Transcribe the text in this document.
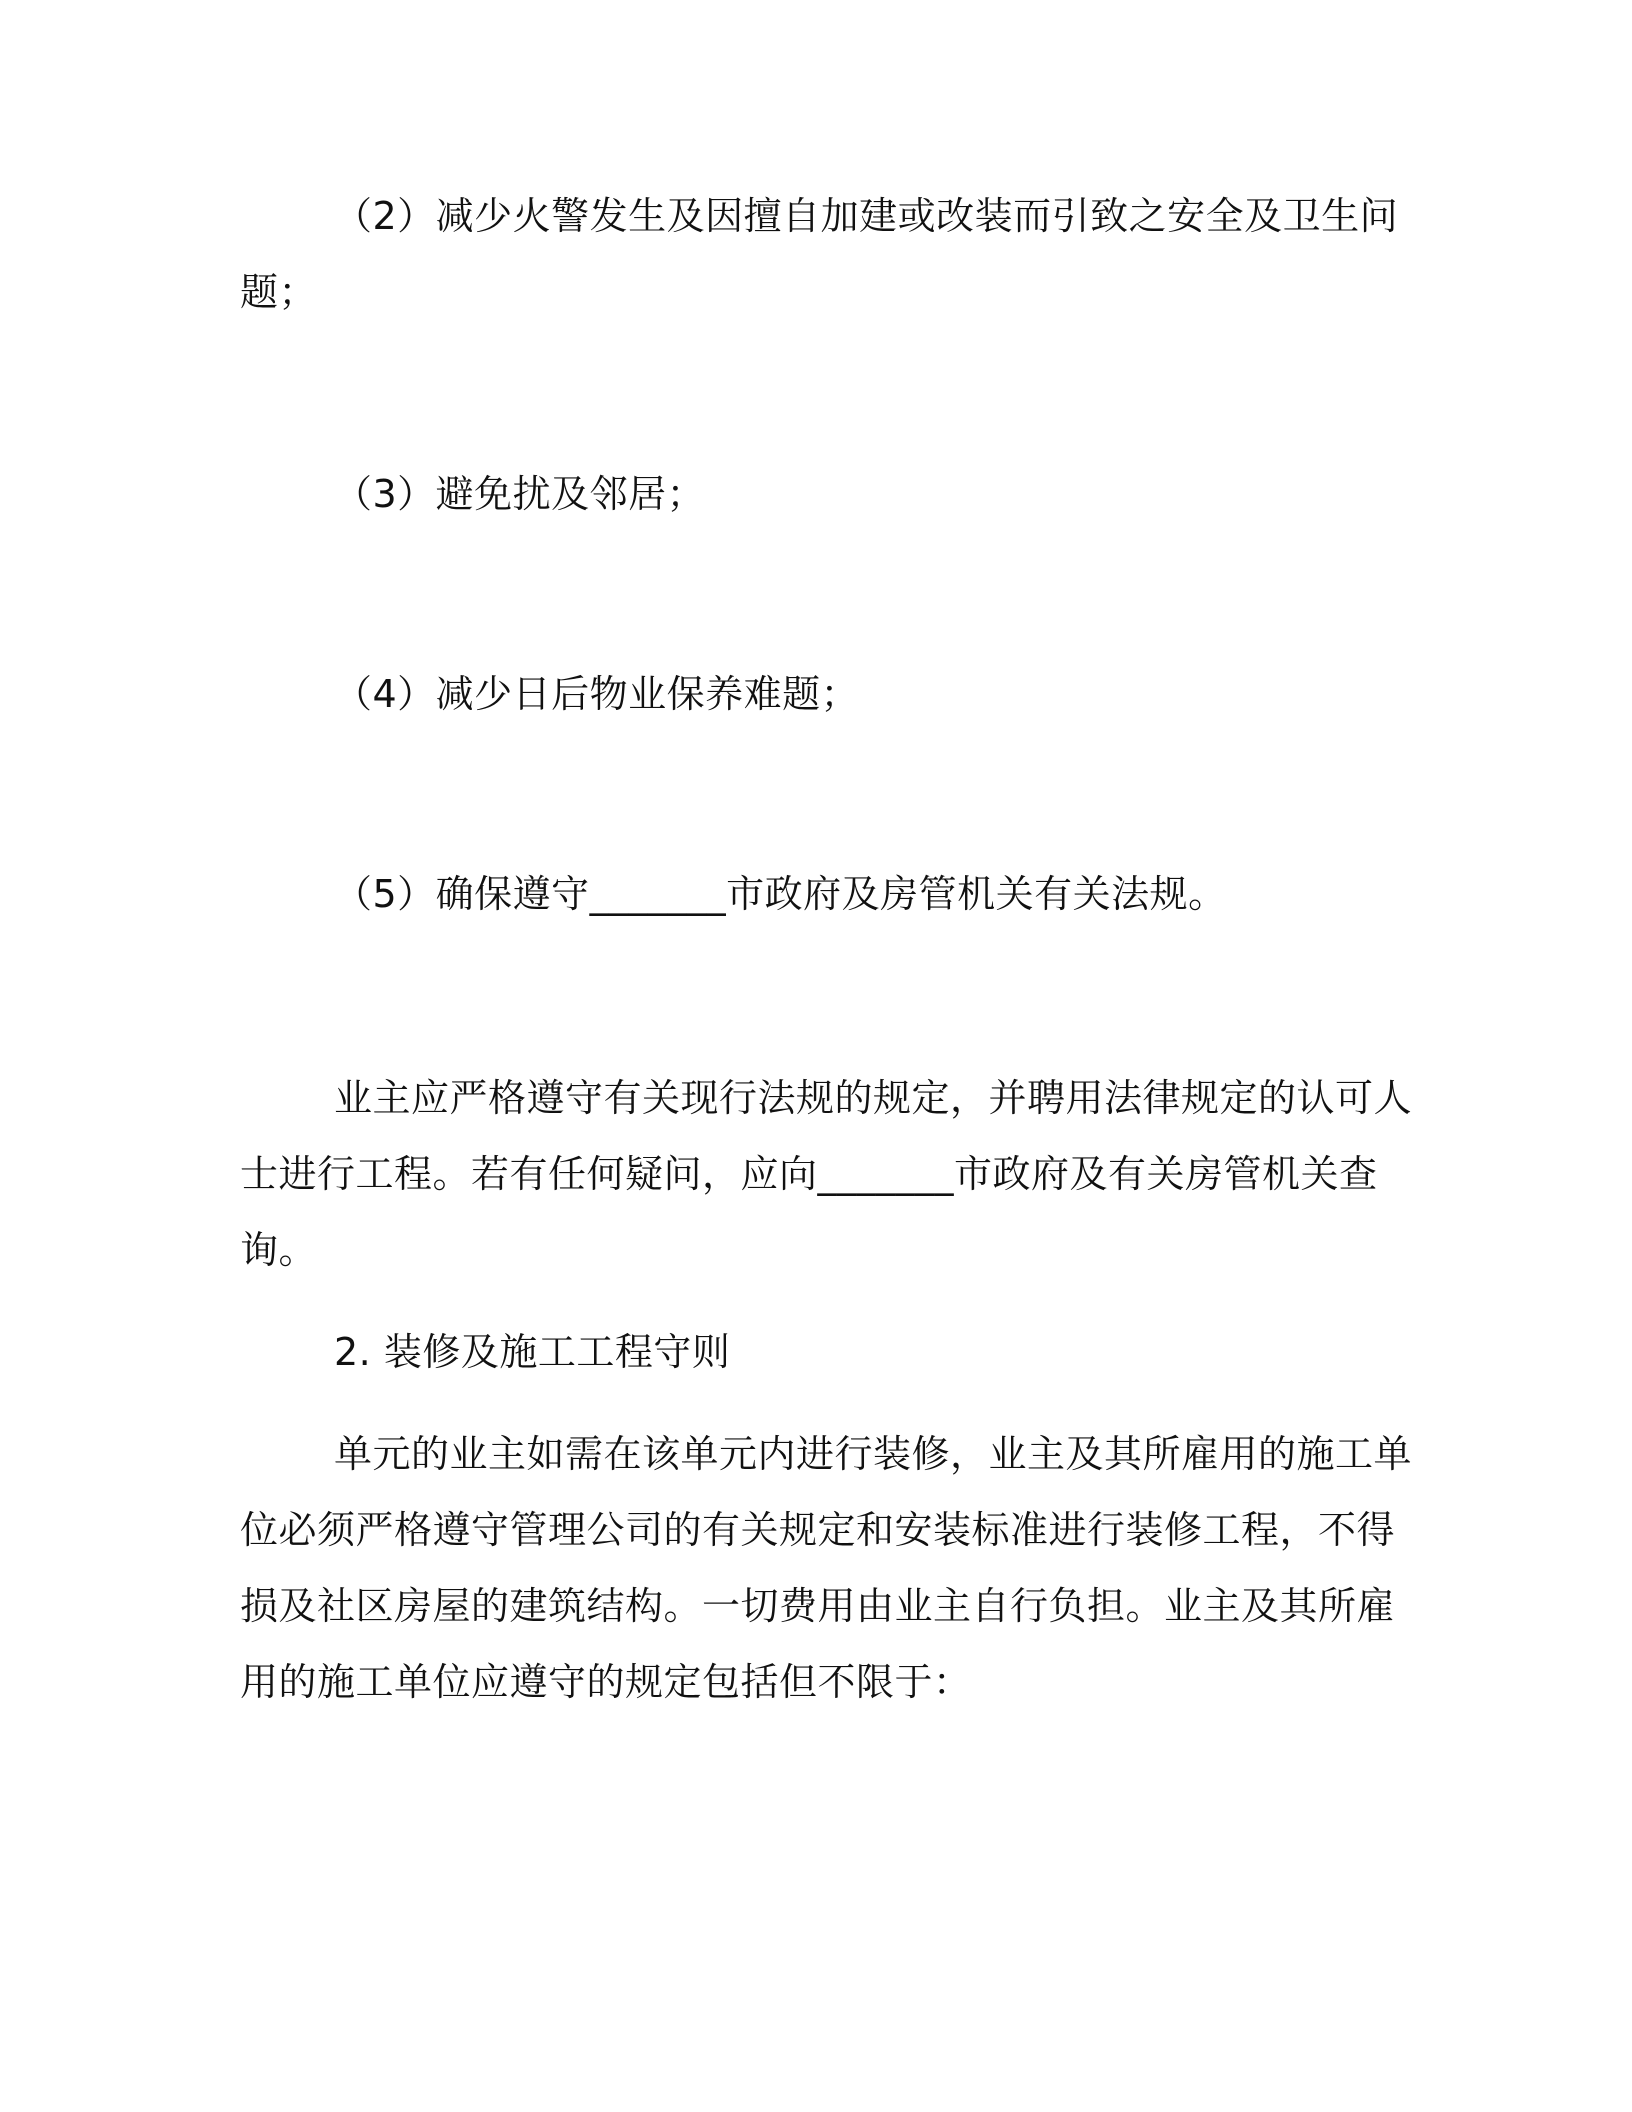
（2）减少火警发生及因擅自加建或改装而引致之安全及卫生问
题；
（3）避免扰及邻居；
（4）减少日后物业保养难题；
（5）确保遵守_______市政府及房管机关有关法规。
业主应严格遵守有关现行法规的规定，并聘用法律规定的认可人
士进行工程。若有任何疑问，应向_______市政府及有关房管机关查
询。
2. 装修及施工工程守则
单元的业主如需在该单元内进行装修，业主及其所雇用的施工单
位必须严格遵守管理公司的有关规定和安装标准进行装修工程，不得
损及社区房屋的建筑结构。一切费用由业主自行负担。业主及其所雇
用的施工单位应遵守的规定包括但不限于：
